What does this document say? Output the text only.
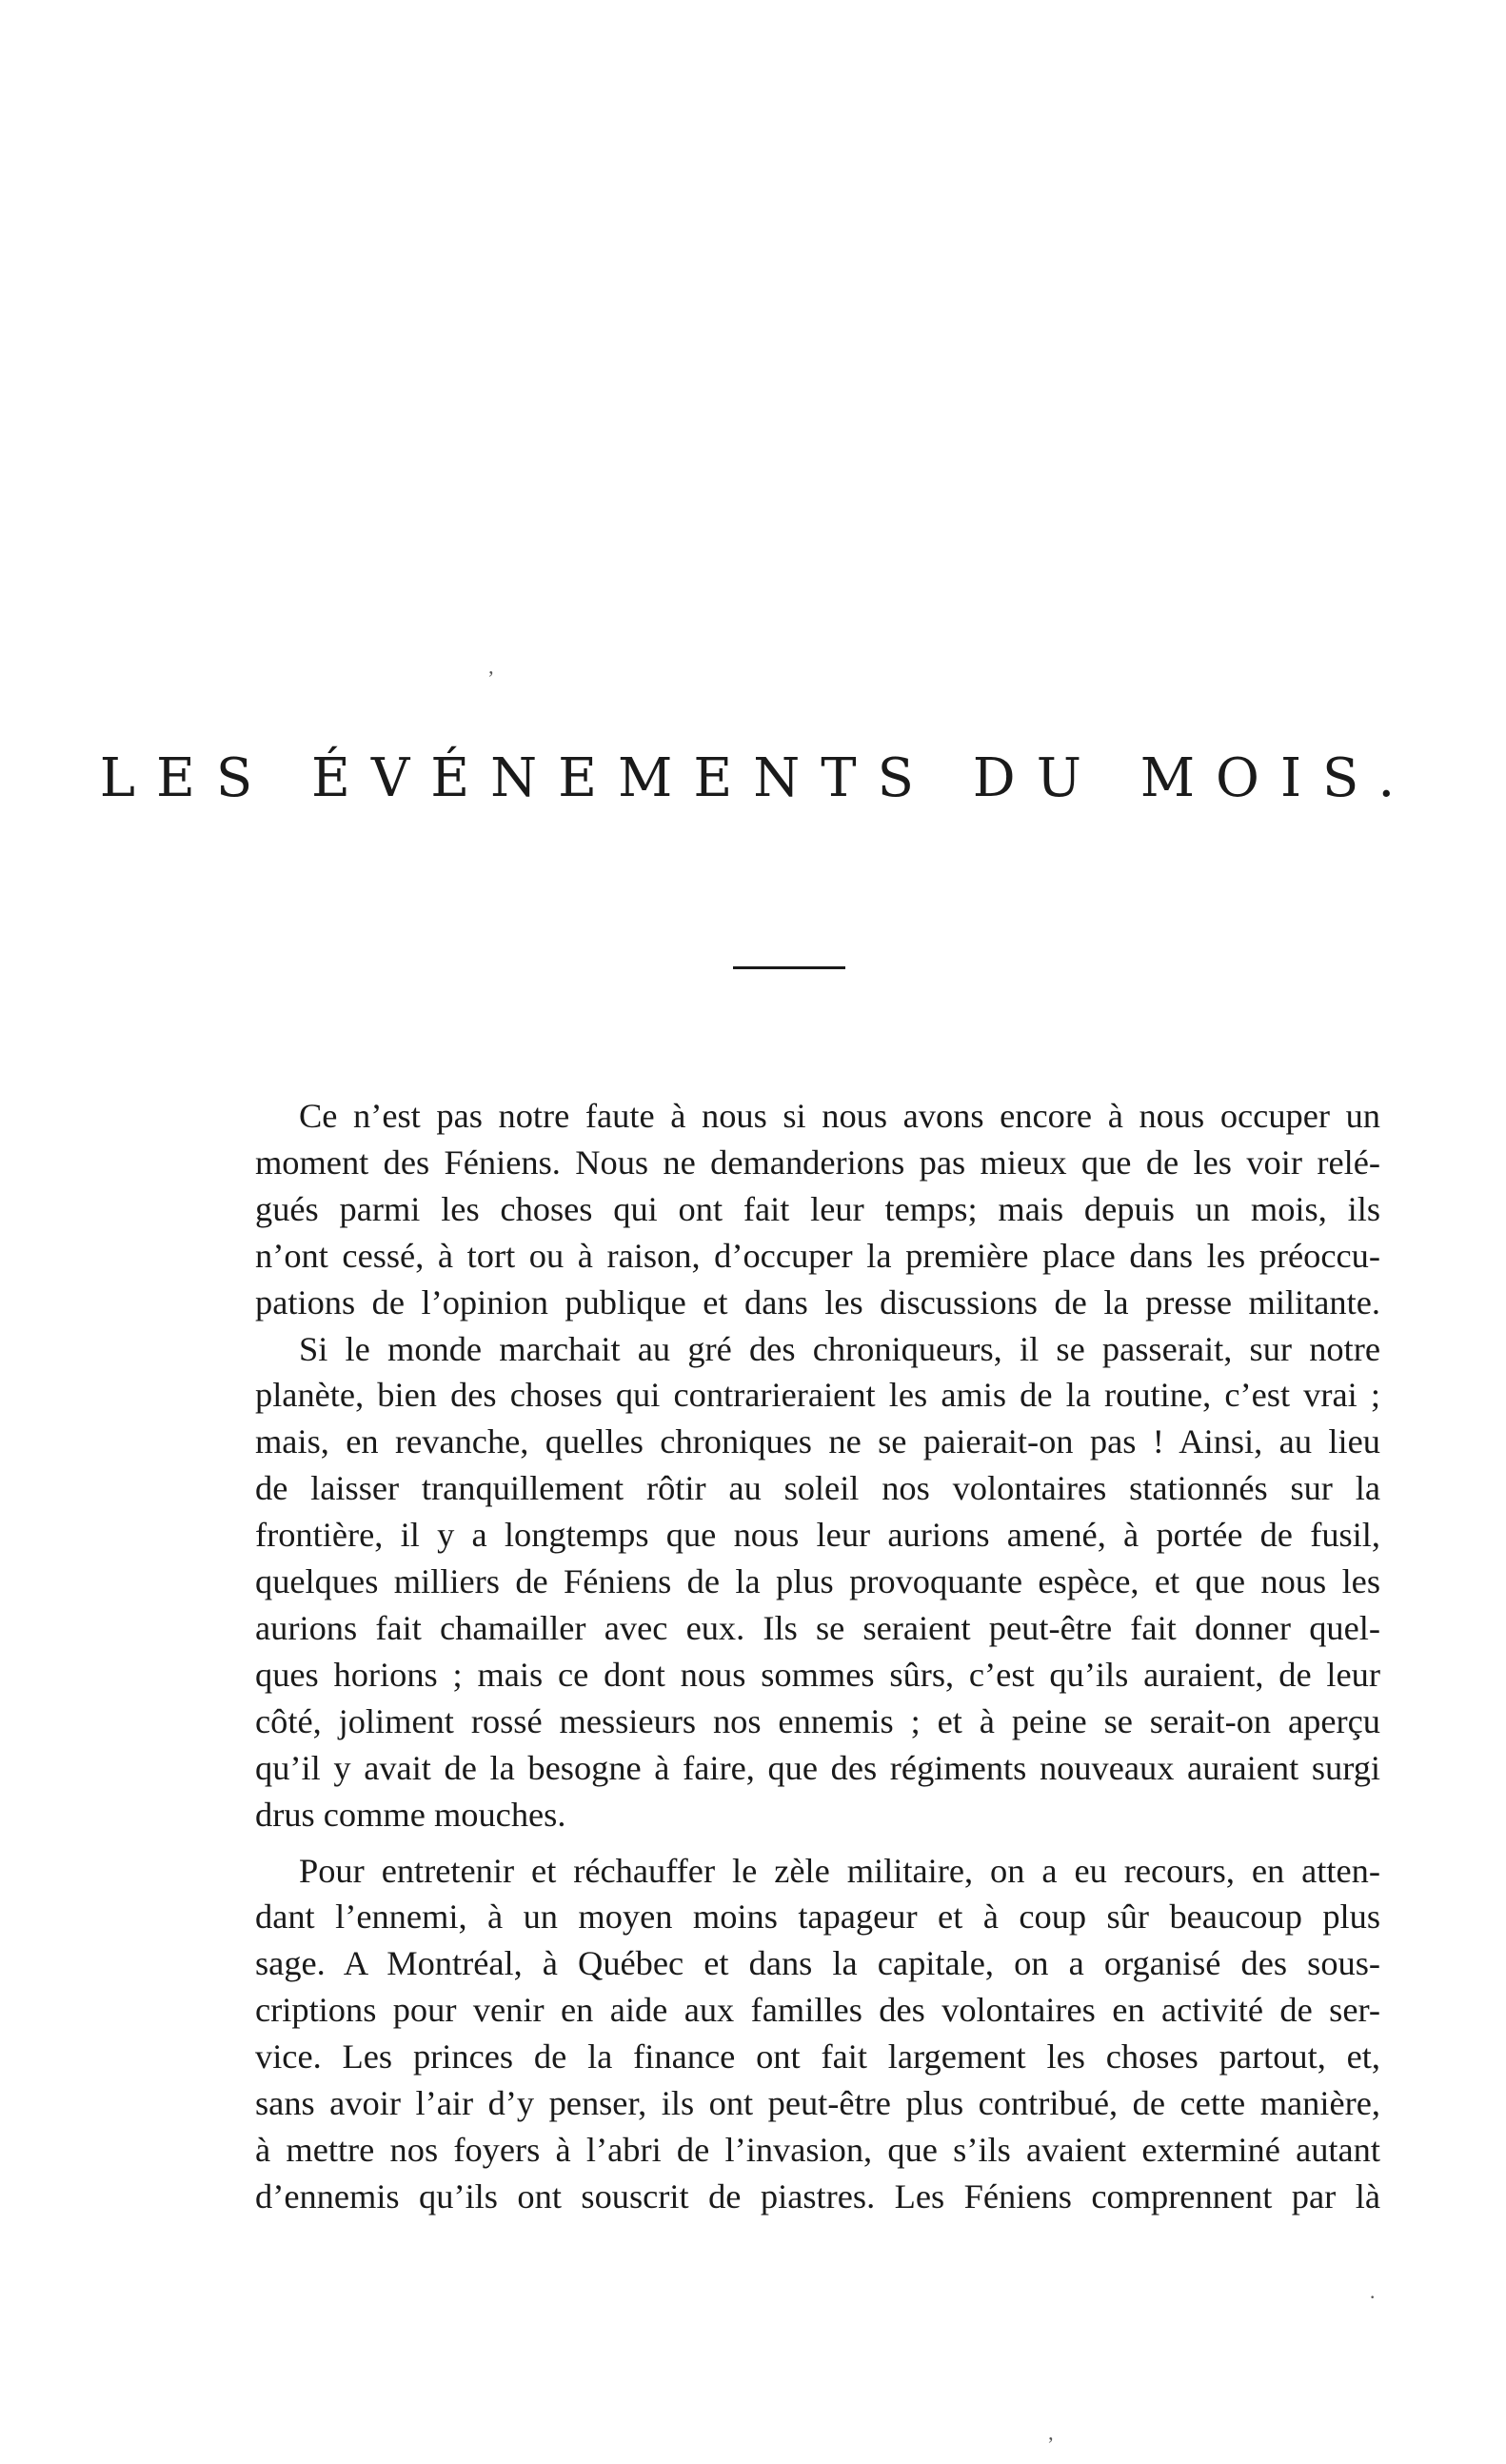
ʼ
LES ÉVÉNEMENTS DU MOIS.

Ce n’est pas notre faute à nous si nous avons encore à nous occuper un
moment des Féniens. Nous ne demanderions pas mieux que de les voir relé-
gués parmi les choses qui ont fait leur temps; mais depuis un mois, ils
n’ont cessé, à tort ou à raison, d’occuper la première place dans les préoccu-
pations de l’opinion publique et dans les discussions de la presse militante.

Si le monde marchait au gré des chroniqueurs, il se passerait, sur notre
planète, bien des choses qui contrarieraient les amis de la routine, c’est vrai ;
mais, en revanche, quelles chroniques ne se paierait-on pas ! Ainsi, au lieu
de laisser tranquillement rôtir au soleil nos volontaires stationnés sur la
frontière, il y a longtemps que nous leur aurions amené, à portée de fusil,
quelques milliers de Féniens de la plus provoquante espèce, et que nous les
aurions fait chamailler avec eux. Ils se seraient peut-être fait donner quel-
ques horions ; mais ce dont nous sommes sûrs, c’est qu’ils auraient, de leur
côté, joliment rossé messieurs nos ennemis ; et à peine se serait-on aperçu
qu’il y avait de la besogne à faire, que des régiments nouveaux auraient surgi
drus comme mouches.

Pour entretenir et réchauffer le zèle militaire, on a eu recours, en atten-
dant l’ennemi, à un moyen moins tapageur et à coup sûr beaucoup plus
sage. A Montréal, à Québec et dans la capitale, on a organisé des sous-
criptions pour venir en aide aux familles des volontaires en activité de ser-
vice. Les princes de la finance ont fait largement les choses partout, et,
sans avoir l’air d’y penser, ils ont peut-être plus contribué, de cette manière,
à mettre nos foyers à l’abri de l’invasion, que s’ils avaient exterminé autant
d’ennemis qu’ils ont souscrit de piastres. Les Féniens comprennent par là

·
ʼ
